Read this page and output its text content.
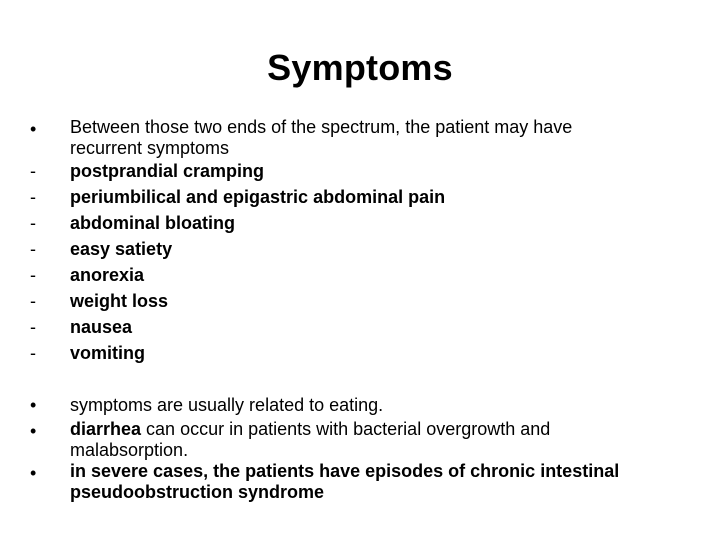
Symptoms
•	Between those two ends of the spectrum, the patient may have
recurrent symptoms
-	postprandial cramping
-	periumbilical and epigastric abdominal pain
-	abdominal bloating
-	easy satiety
-	anorexia
-	weight loss
-	nausea
-	vomiting
•	symptoms are usually related to eating.
•	diarrhea can occur in patients with bacterial overgrowth and
malabsorption.
•	in severe cases, the patients have episodes of chronic intestinal
pseudoobstruction syndrome
